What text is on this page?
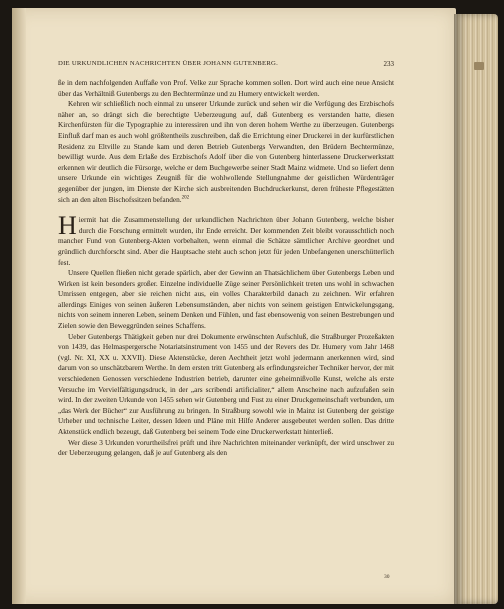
DIE URKUNDLICHEN NACHRICHTEN ÜBER JOHANN GUTENBERG.	233

ße in dem nachfolgenden Auffaße von Prof. Velke zur Sprache kommen sollen. Dort wird auch eine neue Ansicht über das Verhältniß Gutenbergs zu den Bechtermünze und zu Humery entwickelt werden.

Kehren wir schließlich noch einmal zu unserer Urkunde zurück und sehen wir die Verfügung des Erzbischofs näher an, so drängt sich die berechtigte Ueberzeugung auf, daß Gutenberg es verstanden hatte, diesen Kirchenfürsten für die Typographie zu interessiren und ihn von deren hohem Werthe zu überzeugen. Gutenbergs Einfluß darf man es auch wohl größtentheils zuschreiben, daß die Errichtung einer Druckerei in der kurfürstlichen Residenz zu Eltville zu Stande kam und deren Betrieb Gutenbergs Verwandten, den Brüdern Bechtermünze, bewilligt wurde. Aus dem Erlaße des Erzbischofs Adolf über die von Gutenberg hinterlassene Druckerwerkstatt erkennen wir deutlich die Fürsorge, welche er dem Buchgewerbe seiner Stadt Mainz widmete. Und so liefert denn unsere Urkunde ein wichtiges Zeugniß für die wohlwollende Stellungnahme der geistlichen Würdenträger gegenüber der jungen, im Dienste der Kirche sich ausbreitenden Buchdruckerkunst, deren früheste Pflegestätten sich an den alten Bischofssitzen befanden.$^{202}$

Hiermit hat die Zusammenstellung der urkundlichen Nachrichten über Johann Gutenberg, welche bisher durch die Forschung ermittelt wurden, ihr Ende erreicht. Der kommenden Zeit bleibt vorausschtlich noch mancher Fund von Gutenberg-Akten vorbehalten, wenn einmal die Schätze sämtlicher Archive geordnet und gründlich durchforscht sind. Aber die Hauptsache steht auch schon jetzt für jeden Unbefangenen unerschütterlich fest.

Unsere Quellen fließen nicht gerade spärlich, aber der Gewinn an Thatsächlichem über Gutenbergs Leben und Wirken ist kein besonders großer. Einzelne individuelle Züge seiner Persönlichkeit treten uns wohl in schwachen Umrissen entgegen, aber sie reichen nicht aus, ein volles Charakterbild danach zu zeichnen. Wir erfahren allerdings Einiges von seinen äußeren Lebensumständen, aber nichts von seinem geistigen Entwickelungsgang, nichts von seinem inneren Leben, seinem Denken und Fühlen, und fast ebensowenig von seinen Bestrebungen und Zielen sowie den Beweggründen seines Schaffens.

Ueber Gutenbergs Thätigkeit geben nur drei Dokumente erwünschten Aufschluß, die Straßburger Prozeßakten von 1439, das Helmaspergersche Notariatsinstrument von 1455 und der Revers des Dr. Humery vom Jahr 1468 (vgl. Nr. XI, XX u. XXVII). Diese Aktenstücke, deren Aechtheit jetzt wohl jedermann anerkennen wird, sind darum von so unschätzbarem Werthe. In dem ersten tritt Gutenberg als erfindungsreicher Techniker hervor, der mit verschiedenen Genossen verschiedene Industrien betrieb, darunter eine geheimnißvolle Kunst, welche als erste Versuche im Vervielfältigungsdruck, in der „ars scribendi artificialiter,“ allem Anscheine nach aufzufaßen sein wird. In der zweiten Urkunde von 1455 sehen wir Gutenberg und Fust zu einer Druckgemeinschaft verbunden, um „das Werk der Bücher“ zur Ausführung zu bringen. In Straßburg sowohl wie in Mainz ist Gutenberg der geistige Urheber und technische Leiter, dessen Ideen und Pläne mit Hilfe Anderer ausgebeutet werden sollen. Das dritte Aktenstück endlich bezeugt, daß Gutenberg bei seinem Tode eine Druckerwerkstatt hinterließ.

Wer diese 3 Urkunden vorurtheilsfrei prüft und ihre Nachrichten miteinander verknüpft, der wird unschwer zu der Ueberzeugung gelangen, daß je auf Gutenberg als den

30
